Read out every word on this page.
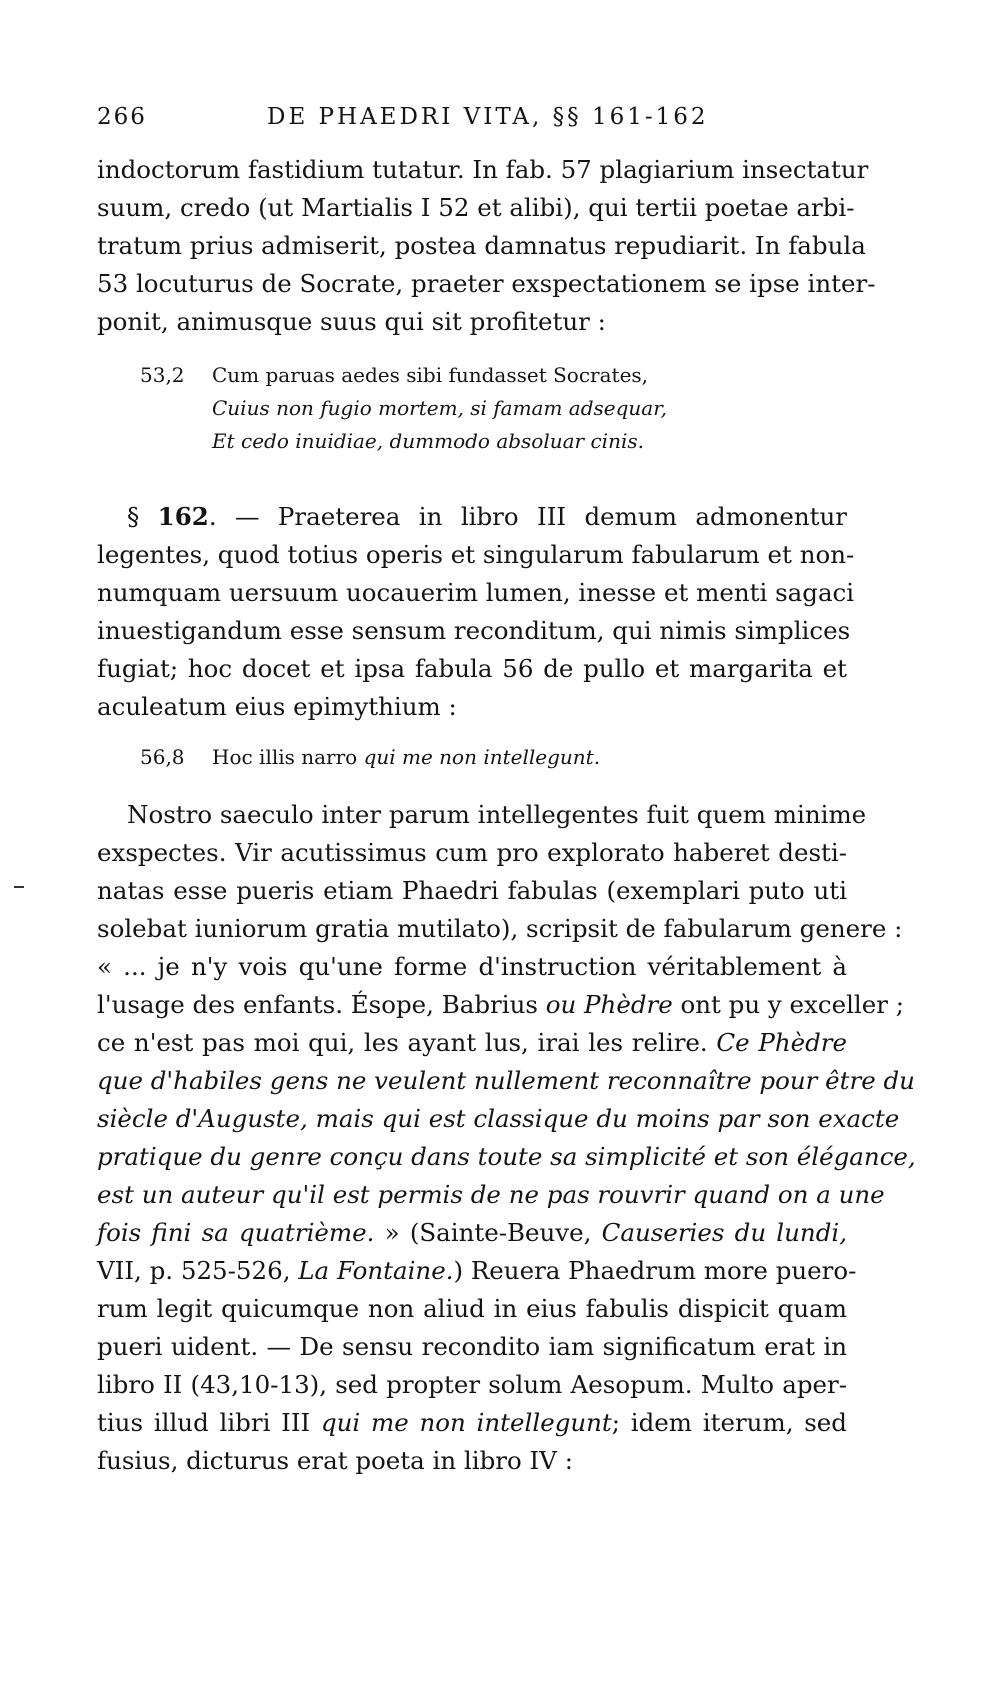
266	DE PHAEDRI VITA, §§ 161-162
indoctorum fastidium tutatur. In fab. 57 plagiarium insectatur
suum, credo (ut Martialis I 52 et alibi), qui tertii poetae arbi-
tratum prius admiserit, postea damnatus repudiarit. In fabula
53 locuturus de Socrate, praeter exspectationem se ipse inter-
ponit, animusque suus qui sit profitetur :
53,2 Cum paruas aedes sibi fundasset Socrates,
Cuius non fugio mortem, si famam adsequar,
Et cedo inuidiae, dummodo absoluar cinis.
§ 162. — Praeterea in libro III demum admonentur
legentes, quod totius operis et singularum fabularum et non-
numquam uersuum uocauerim lumen, inesse et menti sagaci
inuestigandum esse sensum reconditum, qui nimis simplices
fugiat; hoc docet et ipsa fabula 56 de pullo et margarita et
aculeatum eius epimythium :
56,8 Hoc illis narro qui me non intellegunt.
Nostro saeculo inter parum intellegentes fuit quem minime
exspectes. Vir acutissimus cum pro explorato haberet desti-
natas esse pueris etiam Phaedri fabulas (exemplari puto uti
solebat iuniorum gratia mutilato), scripsit de fabularum genere :
« ... je n'y vois qu'une forme d'instruction véritablement à
l'usage des enfants. Ésope, Babrius ou Phèdre ont pu y exceller ;
ce n'est pas moi qui, les ayant lus, irai les relire. Ce Phèdre
que d'habiles gens ne veulent nullement reconnaître pour être du
siècle d'Auguste, mais qui est classique du moins par son exacte
pratique du genre conçu dans toute sa simplicité et son élégance,
est un auteur qu'il est permis de ne pas rouvrir quand on a une
fois fini sa quatrième. » (Sainte-Beuve, Causeries du lundi,
VII, p. 525-526, La Fontaine.) Reuera Phaedrum more puero-
rum legit quicumque non aliud in eius fabulis dispicit quam
pueri uident. — De sensu recondito iam significatum erat in
libro II (43,10-13), sed propter solum Aesopum. Multo aper-
tius illud libri III qui me non intellegunt; idem iterum, sed
fusius, dicturus erat poeta in libro IV :
